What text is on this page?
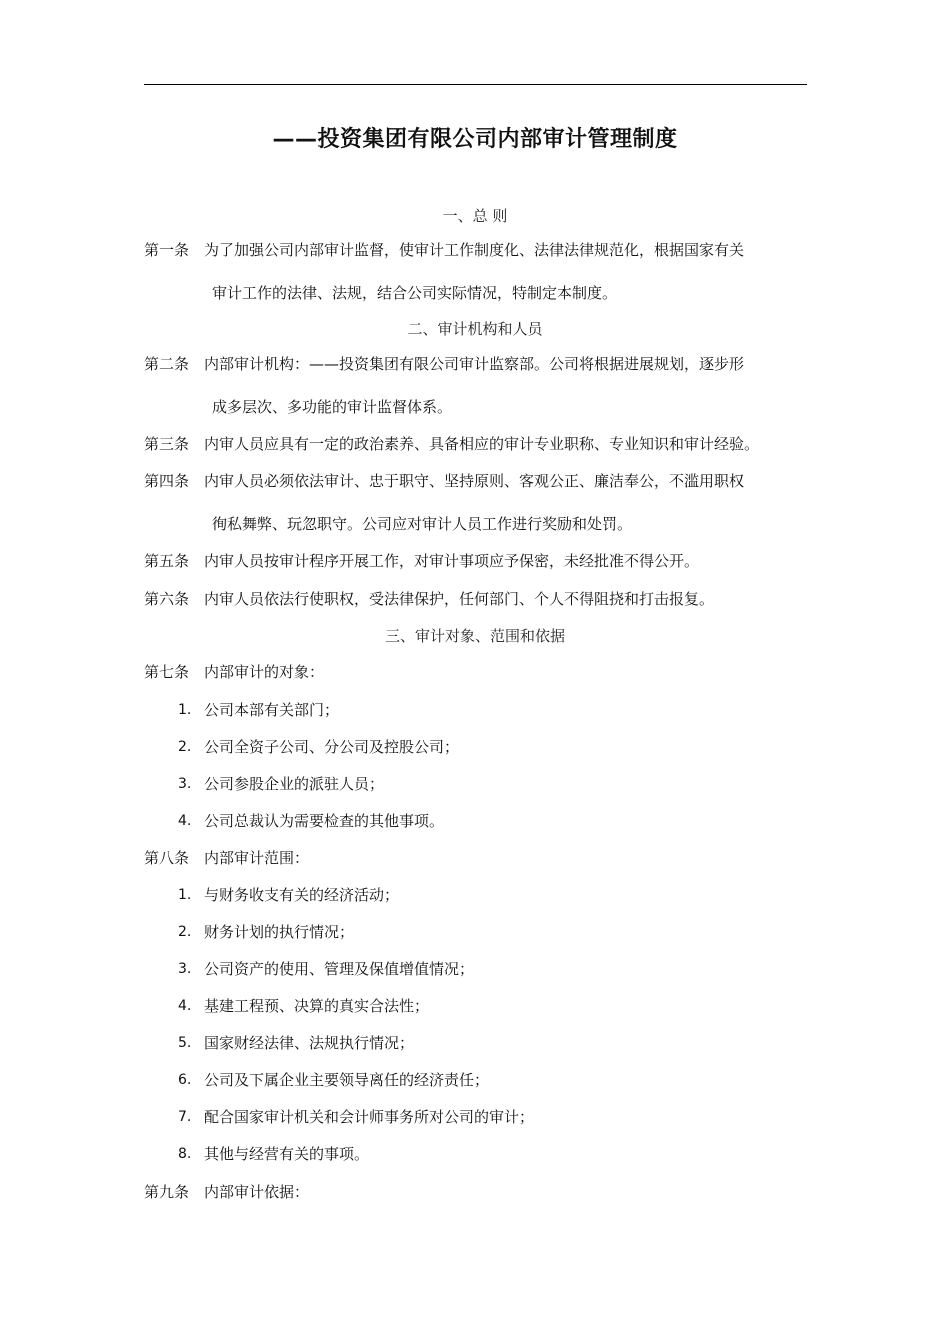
——投资集团有限公司内部审计管理制度
一、总 则
第一条 为了加强公司内部审计监督，使审计工作制度化、法律法律规范化，根据国家有关
审计工作的法律、法规，结合公司实际情况，特制定本制度。
二、审计机构和人员
第二条 内部审计机构：——投资集团有限公司审计监察部。公司将根据进展规划，逐步形
成多层次、多功能的审计监督体系。
第三条 内审人员应具有一定的政治素养、具备相应的审计专业职称、专业知识和审计经验。
第四条 内审人员必须依法审计、忠于职守、坚持原则、客观公正、廉洁奉公，不滥用职权
徇私舞弊、玩忽职守。公司应对审计人员工作进行奖励和处罚。
第五条 内审人员按审计程序开展工作，对审计事项应予保密，未经批准不得公开。
第六条 内审人员依法行使职权，受法律保护，任何部门、个人不得阻挠和打击报复。
三、审计对象、范围和依据
第七条 内部审计的对象：
1. 公司本部有关部门；
2. 公司全资子公司、分公司及控股公司；
3. 公司参股企业的派驻人员；
4. 公司总裁认为需要检查的其他事项。
第八条 内部审计范围：
1. 与财务收支有关的经济活动；
2. 财务计划的执行情况；
3. 公司资产的使用、管理及保值增值情况；
4. 基建工程预、决算的真实合法性；
5. 国家财经法律、法规执行情况；
6. 公司及下属企业主要领导离任的经济责任；
7. 配合国家审计机关和会计师事务所对公司的审计；
8. 其他与经营有关的事项。
第九条 内部审计依据：
